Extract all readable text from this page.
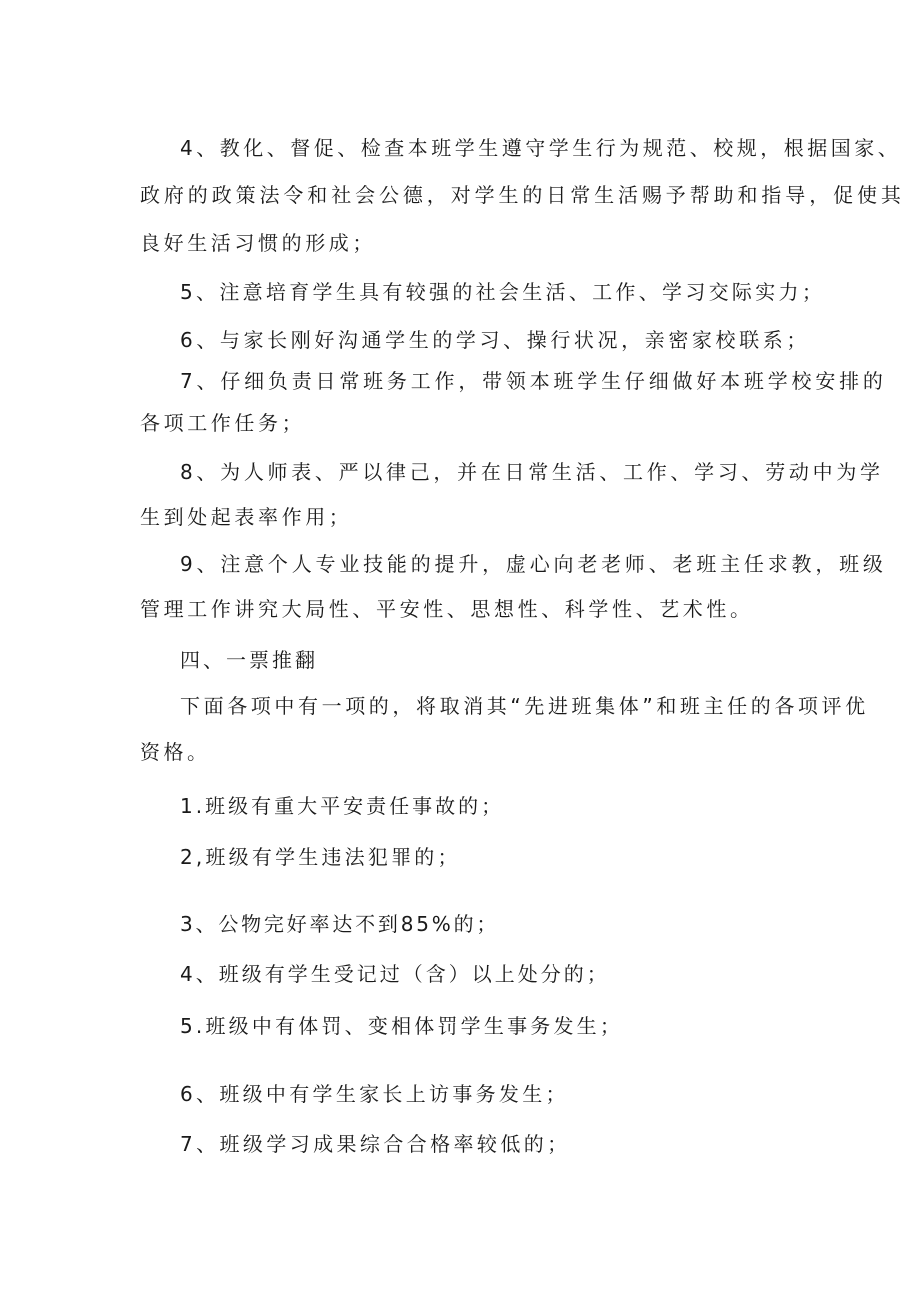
4、教化、督促、检查本班学生遵守学生行为规范、校规，根据国家、
政府的政策法令和社会公德，对学生的日常生活赐予帮助和指导，促使其
良好生活习惯的形成；
5、注意培育学生具有较强的社会生活、工作、学习交际实力；
6、与家长刚好沟通学生的学习、操行状况，亲密家校联系；
7、仔细负责日常班务工作，带领本班学生仔细做好本班学校安排的
各项工作任务；
8、为人师表、严以律己，并在日常生活、工作、学习、劳动中为学
生到处起表率作用；
9、注意个人专业技能的提升，虚心向老老师、老班主任求教，班级
管理工作讲究大局性、平安性、思想性、科学性、艺术性。
四、一票推翻
下面各项中有一项的，将取消其“先进班集体”和班主任的各项评优
资格。
1.班级有重大平安责任事故的；
2,班级有学生违法犯罪的；
3、公物完好率达不到85%的；
4、班级有学生受记过（含）以上处分的；
5.班级中有体罚、变相体罚学生事务发生；
6、班级中有学生家长上访事务发生；
7、班级学习成果综合合格率较低的；
